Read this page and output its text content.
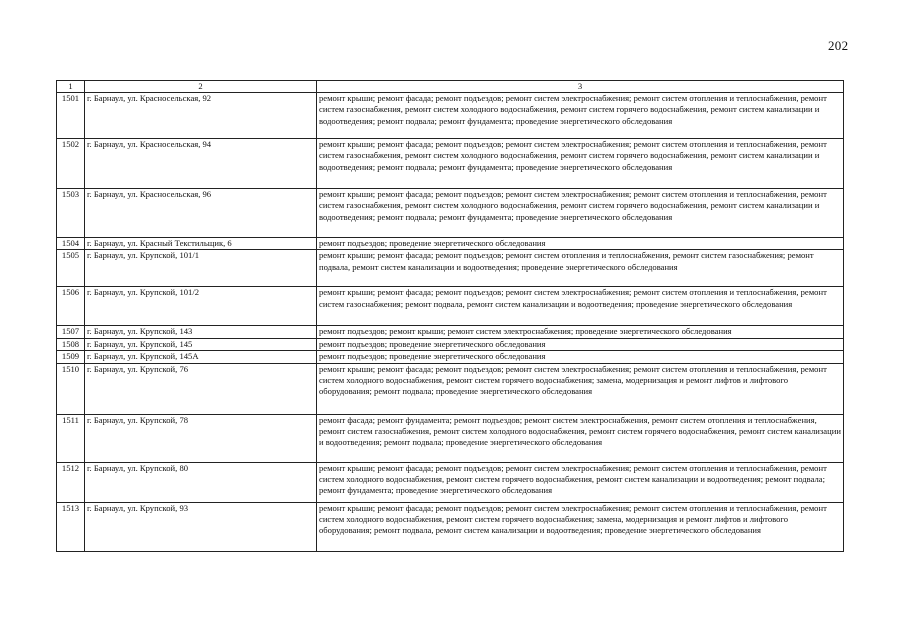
202
1	2	3
1501	г. Барнаул, ул. Красносельская, 92	ремонт крыши; ремонт фасада; ремонт подъездов; ремонт систем электроснабжения; ремонт систем отопления и теплоснабжения, ремонт систем газоснабжения, ремонт систем холодного водоснабжения, ремонт систем горячего водоснабжения, ремонт систем канализации и водоотведения; ремонт подвала; ремонт фундамента; проведение энергетического обследования
1502	г. Барнаул, ул. Красносельская, 94	ремонт крыши; ремонт фасада; ремонт подъездов; ремонт систем электроснабжения; ремонт систем отопления и теплоснабжения, ремонт систем газоснабжения, ремонт систем холодного водоснабжения, ремонт систем горячего водоснабжения, ремонт систем канализации и водоотведения; ремонт подвала; ремонт фундамента; проведение энергетического обследования
1503	г. Барнаул, ул. Красносельская, 96	ремонт крыши; ремонт фасада; ремонт подъездов; ремонт систем электроснабжения; ремонт систем отопления и теплоснабжения, ремонт систем газоснабжения, ремонт систем холодного водоснабжения, ремонт систем горячего водоснабжения, ремонт систем канализации и водоотведения; ремонт подвала; ремонт фундамента; проведение энергетического обследования
1504	г. Барнаул, ул. Красный Текстильщик, 6	ремонт подъездов; проведение энергетического обследования
1505	г. Барнаул, ул. Крупской, 101/1	ремонт крыши; ремонт фасада; ремонт подъездов; ремонт систем отопления и теплоснабжения, ремонт систем газоснабжения; ремонт подвала, ремонт систем канализации и водоотведения; проведение энергетического обследования
1506	г. Барнаул, ул. Крупской, 101/2	ремонт крыши; ремонт фасада; ремонт подъездов; ремонт систем электроснабжения; ремонт систем отопления и теплоснабжения, ремонт систем газоснабжения; ремонт подвала, ремонт систем канализации и водоотведения; проведение энергетического обследования
1507	г. Барнаул, ул. Крупской, 143	ремонт подъездов; ремонт крыши; ремонт систем электроснабжения; проведение энергетического обследования
1508	г. Барнаул, ул. Крупской, 145	ремонт подъездов; проведение энергетического обследования
1509	г. Барнаул, ул. Крупской, 145А	ремонт подъездов; проведение энергетического обследования
1510	г. Барнаул, ул. Крупской, 76	ремонт крыши; ремонт фасада; ремонт подъездов; ремонт систем электроснабжения; ремонт систем отопления и теплоснабжения, ремонт систем холодного водоснабжения, ремонт систем горячего водоснабжения; замена, модернизация и ремонт лифтов и лифтового оборудования; ремонт подвала; проведение энергетического обследования
1511	г. Барнаул, ул. Крупской, 78	ремонт фасада; ремонт фундамента; ремонт подъездов; ремонт систем электроснабжения, ремонт систем отопления и теплоснабжения, ремонт систем газоснабжения, ремонт систем холодного водоснабжения, ремонт систем горячего водоснабжения, ремонт систем канализации и водоотведения; ремонт подвала; проведение энергетического обследования
1512	г. Барнаул, ул. Крупской, 80	ремонт крыши; ремонт фасада; ремонт подъездов; ремонт систем электроснабжения; ремонт систем отопления и теплоснабжения, ремонт систем холодного водоснабжения, ремонт систем горячего водоснабжения, ремонт систем канализации и водоотведения; ремонт подвала; ремонт фундамента; проведение энергетического обследования
1513	г. Барнаул, ул. Крупской, 93	ремонт крыши; ремонт фасада; ремонт подъездов; ремонт систем электроснабжения; ремонт систем отопления и теплоснабжения, ремонт систем холодного водоснабжения, ремонт систем горячего водоснабжения; замена, модернизация и ремонт лифтов и лифтового оборудования; ремонт подвала, ремонт систем канализации и водоотведения; проведение энергетического обследования
